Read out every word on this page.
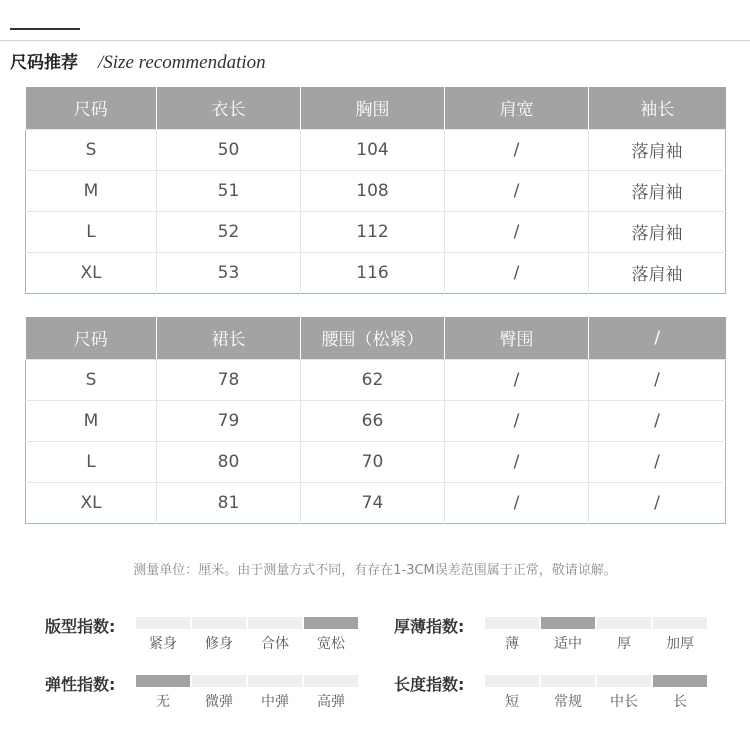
尺码推荐 /Size recommendation
尺码	衣长	胸围	肩宽	袖长
S	50	104	/	落肩袖
M	51	108	/	落肩袖
L	52	112	/	落肩袖
XL	53	116	/	落肩袖
尺码	裙长	腰围（松紧）	臀围	/
S	78	62	/	/
M	79	66	/	/
L	80	70	/	/
XL	81	74	/	/
测量单位：厘米。由于测量方式不同，有存在1-3CM误差范围属于正常，敬请谅解。
版型指数:
紧身	修身	合体	宽松
厚薄指数:
薄	适中	厚	加厚
弹性指数:
无	微弹	中弹	高弹
长度指数:
短	常规	中长	长
